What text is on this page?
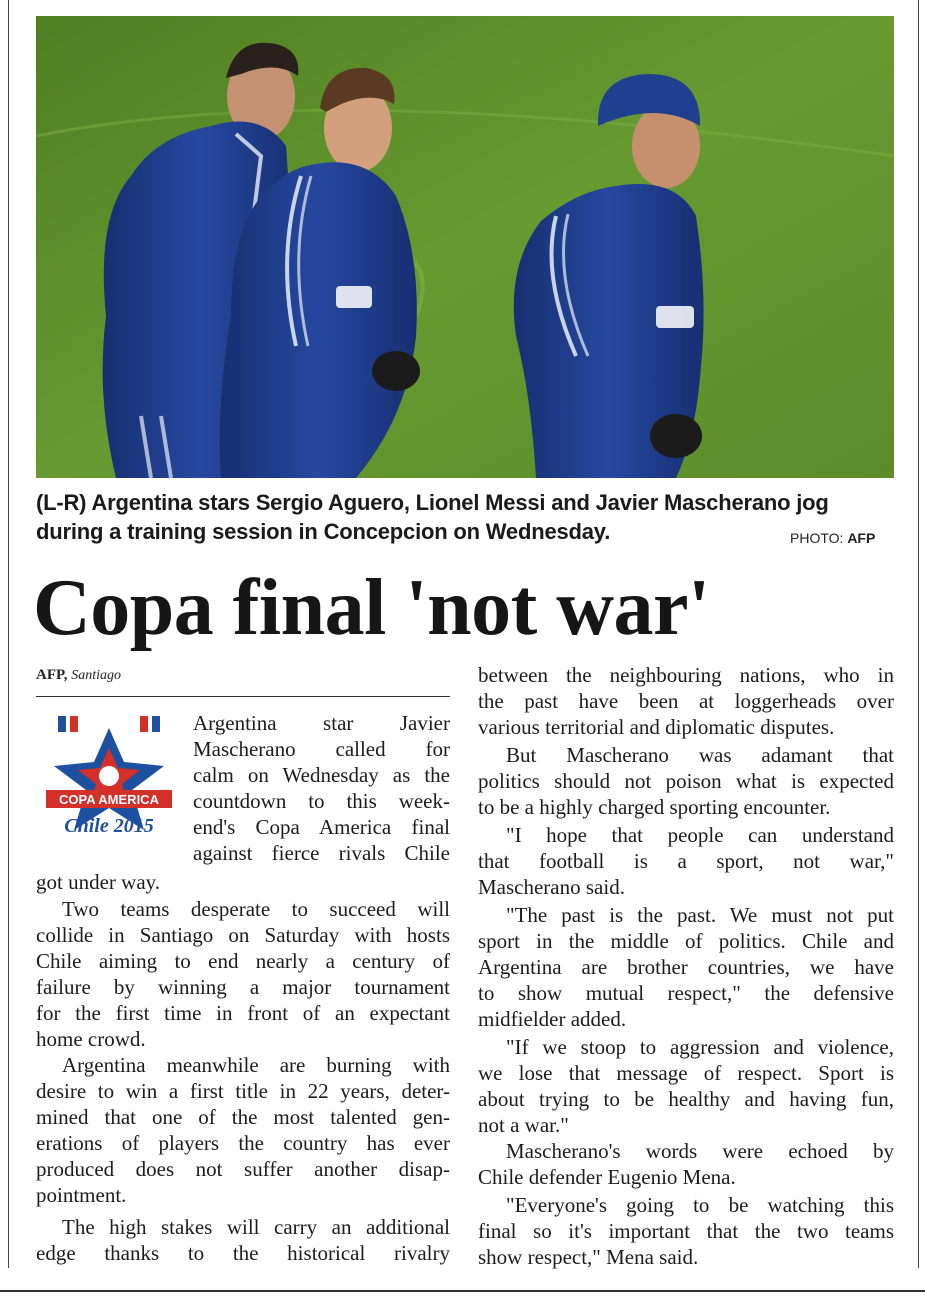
(L-R) Argentina stars Sergio Aguero, Lionel Messi and Javier Mascherano jog

during a training session in Concepcion on Wednesday.	PHOTO: AFP
Copa final 'not war'
AFP, Santiago
COPA AMERICA
Chile 2015

Argentina star Javier

Mascherano called for

calm on Wednesday as the

countdown to this week-

end's Copa America final

against fierce rivals Chile

got under way.

Two teams desperate to succeed will

collide in Santiago on Saturday with hosts

Chile aiming to end nearly a century of

failure by winning a major tournament

for the first time in front of an expectant

home crowd.

Argentina meanwhile are burning with

desire to win a first title in 22 years, deter-

mined that one of the most talented gen-

erations of players the country has ever

produced does not suffer another disap-

pointment.

The high stakes will carry an additional

edge thanks to the historical rivalry

between the neighbouring nations, who in

the past have been at loggerheads over

various territorial and diplomatic disputes.

But Mascherano was adamant that

politics should not poison what is expected

to be a highly charged sporting encounter.

"I hope that people can understand

that football is a sport, not war,"

Mascherano said.

"The past is the past. We must not put

sport in the middle of politics. Chile and

Argentina are brother countries, we have

to show mutual respect," the defensive

midfielder added.

"If we stoop to aggression and violence,

we lose that message of respect. Sport is

about trying to be healthy and having fun,

not a war."

Mascherano's words were echoed by

Chile defender Eugenio Mena.

"Everyone's going to be watching this

final so it's important that the two teams

show respect," Mena said.
